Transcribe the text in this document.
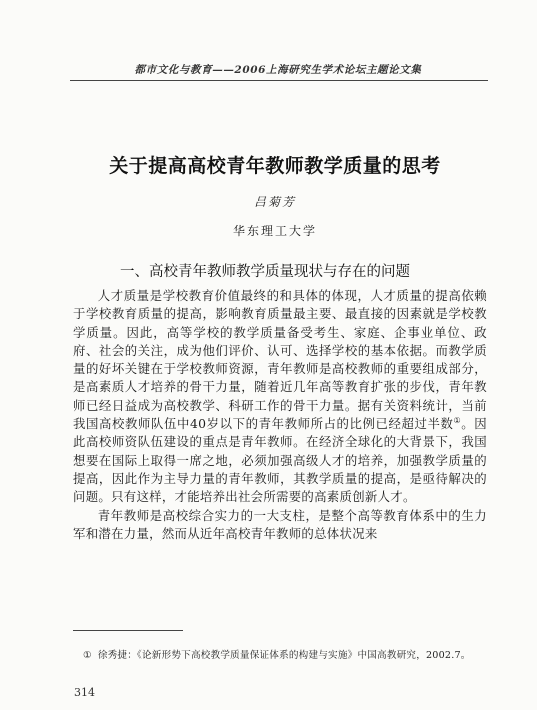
都市文化与教育——2006上海研究生学术论坛主题论文集
关于提高高校青年教师教学质量的思考
吕菊芳
华东理工大学
一、高校青年教师教学质量现状与存在的问题

人才质量是学校教育价值最终的和具体的体现，人才质量的提高依赖于学校教育质量的提高，影响教育质量最主要、最直接的因素就是学校教学质量。因此，高等学校的教学质量备受考生、家庭、企事业单位、政府、社会的关注，成为他们评价、认可、选择学校的基本依据。而教学质量的好坏关键在于学校教师资源，青年教师是高校教师的重要组成部分，是高素质人才培养的骨干力量，随着近几年高等教育扩张的步伐，青年教师已经日益成为高校教学、科研工作的骨干力量。据有关资料统计，当前我国高校教师队伍中40岁以下的青年教师所占的比例已经超过半数①。因此高校师资队伍建设的重点是青年教师。在经济全球化的大背景下，我国想要在国际上取得一席之地，必须加强高级人才的培养，加强教学质量的提高，因此作为主导力量的青年教师，其教学质量的提高，是亟待解决的问题。只有这样，才能培养出社会所需要的高素质创新人才。

青年教师是高校综合实力的一大支柱，是整个高等教育体系中的生力军和潜在力量，然而从近年高校青年教师的总体状况来

① 徐秀捷：《论新形势下高校教学质量保证体系的构建与实施》中国高教研究，2002.7。
314
